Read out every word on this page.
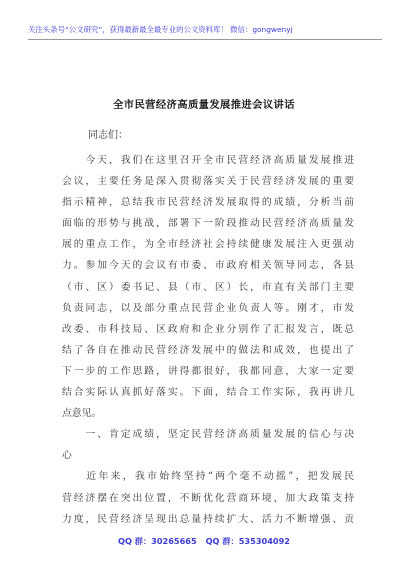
关注头条号“公文研究”，获得最新最全最专业的公文资料库！ 微信：gongwenyj
全市民营经济高质量发展推进会议讲话
同志们：
　　今天，我们在这里召开全市民营经济高质量发展推进
会议，主要任务是深入贯彻落实关于民营经济发展的重要
指示精神，总结我市民营经济发展取得的成绩，分析当前
面临的形势与挑战，部署下一阶段推动民营经济高质量发
展的重点工作，为全市经济社会持续健康发展注入更强动
力。参加今天的会议有市委、市政府相关领导同志，各县
（市、区）委书记、县（市、区）长，市直有关部门主要
负责同志，以及部分重点民营企业负责人等。刚才，市发
改委、市科技局、区政府和企业分别作了汇报发言，既总
结了各自在推动民营经济发展中的做法和成效，也提出了
下一步的工作思路，讲得都很好，我都同意，大家一定要
结合实际认真抓好落实。下面，结合工作实际，我再讲几
点意见。
　　一、肯定成绩，坚定民营经济高质量发展的信心与决
心
　　近年来，我市始终坚持“两个毫不动摇”，把发展民
营经济摆在突出位置，不断优化营商环境，加大政策支持
力度，民营经济呈现出总量持续扩大、活力不断增强、贡
QQ 群：30265665 QQ 群：535304092
